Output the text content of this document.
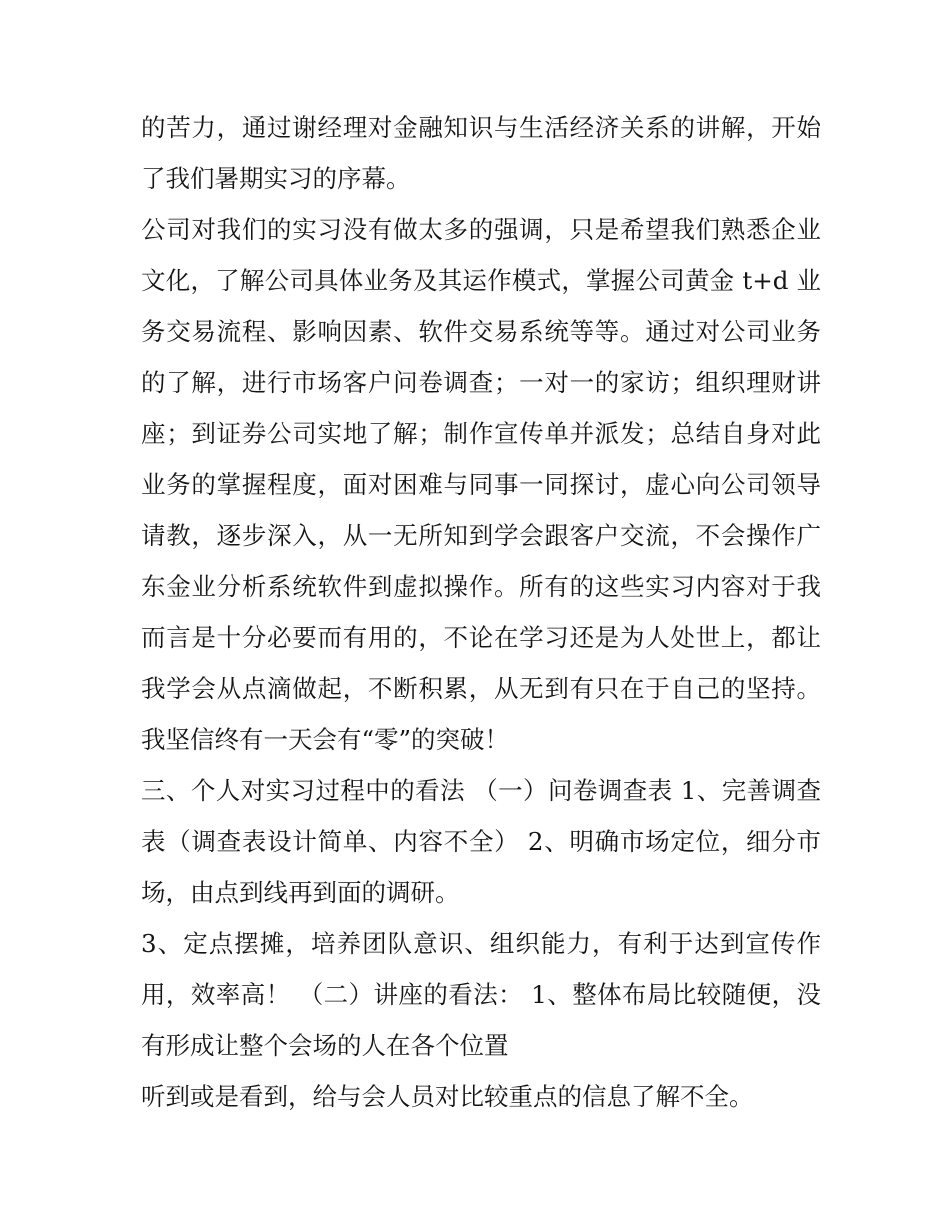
的苦力，通过谢经理对金融知识与生活经济关系的讲解，开始
了我们暑期实习的序幕。
公司对我们的实习没有做太多的强调，只是希望我们熟悉企业
文化，了解公司具体业务及其运作模式，掌握公司黄金 t+d 业
务交易流程、影响因素、软件交易系统等等。通过对公司业务
的了解，进行市场客户问卷调查；一对一的家访；组织理财讲
座；到证券公司实地了解；制作宣传单并派发；总结自身对此
业务的掌握程度，面对困难与同事一同探讨，虚心向公司领导
请教，逐步深入，从一无所知到学会跟客户交流，不会操作广
东金业分析系统软件到虚拟操作。所有的这些实习内容对于我
而言是十分必要而有用的，不论在学习还是为人处世上，都让
我学会从点滴做起，不断积累，从无到有只在于自己的坚持。
我坚信终有一天会有“零”的突破！
三、个人对实习过程中的看法 （一）问卷调查表 1、完善调查
表（调查表设计简单、内容不全） 2、明确市场定位，细分市
场，由点到线再到面的调研。
3、定点摆摊，培养团队意识、组织能力，有利于达到宣传作
用，效率高！ （二）讲座的看法： 1、整体布局比较随便，没
有形成让整个会场的人在各个位置
听到或是看到，给与会人员对比较重点的信息了解不全。
